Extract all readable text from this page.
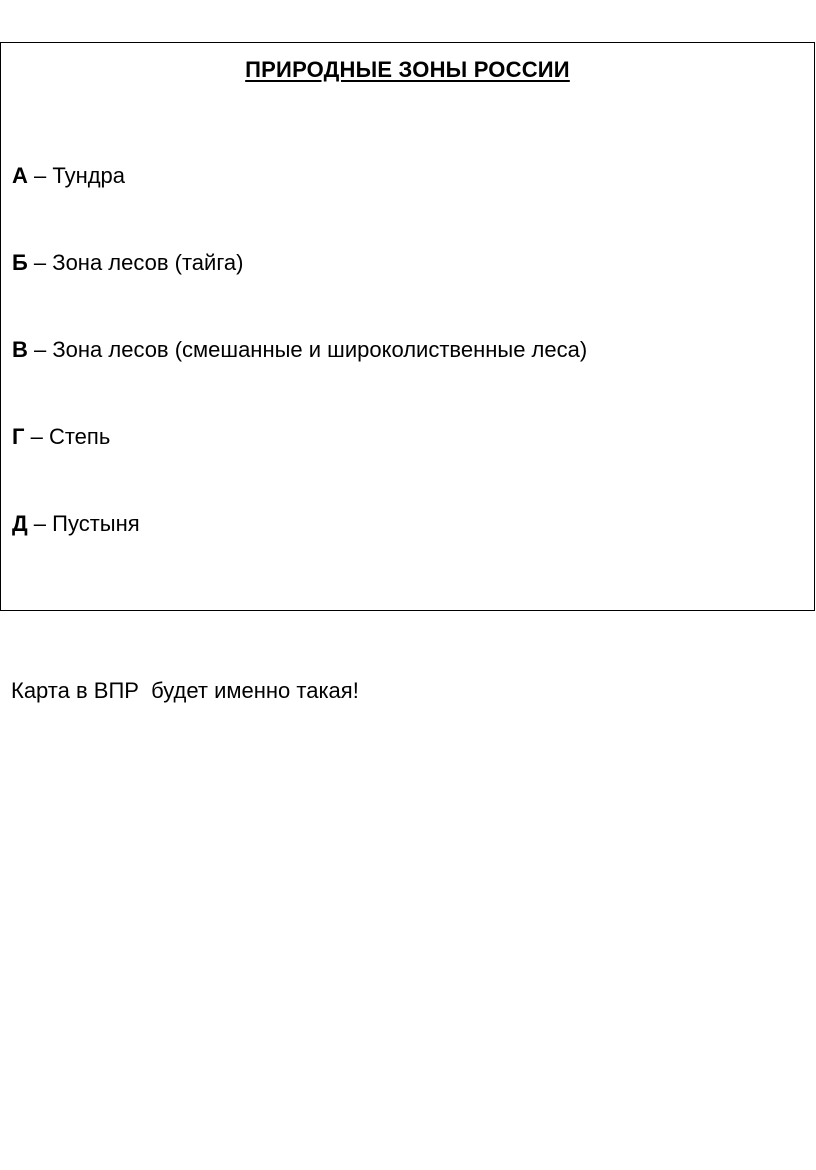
ПРИРОДНЫЕ ЗОНЫ РОССИИ
А – Тундра
Б – Зона лесов (тайга)
В – Зона лесов (смешанные и широколиственные леса)
Г – Степь
Д – Пустыня
Карта в ВПР  будет именно такая!
